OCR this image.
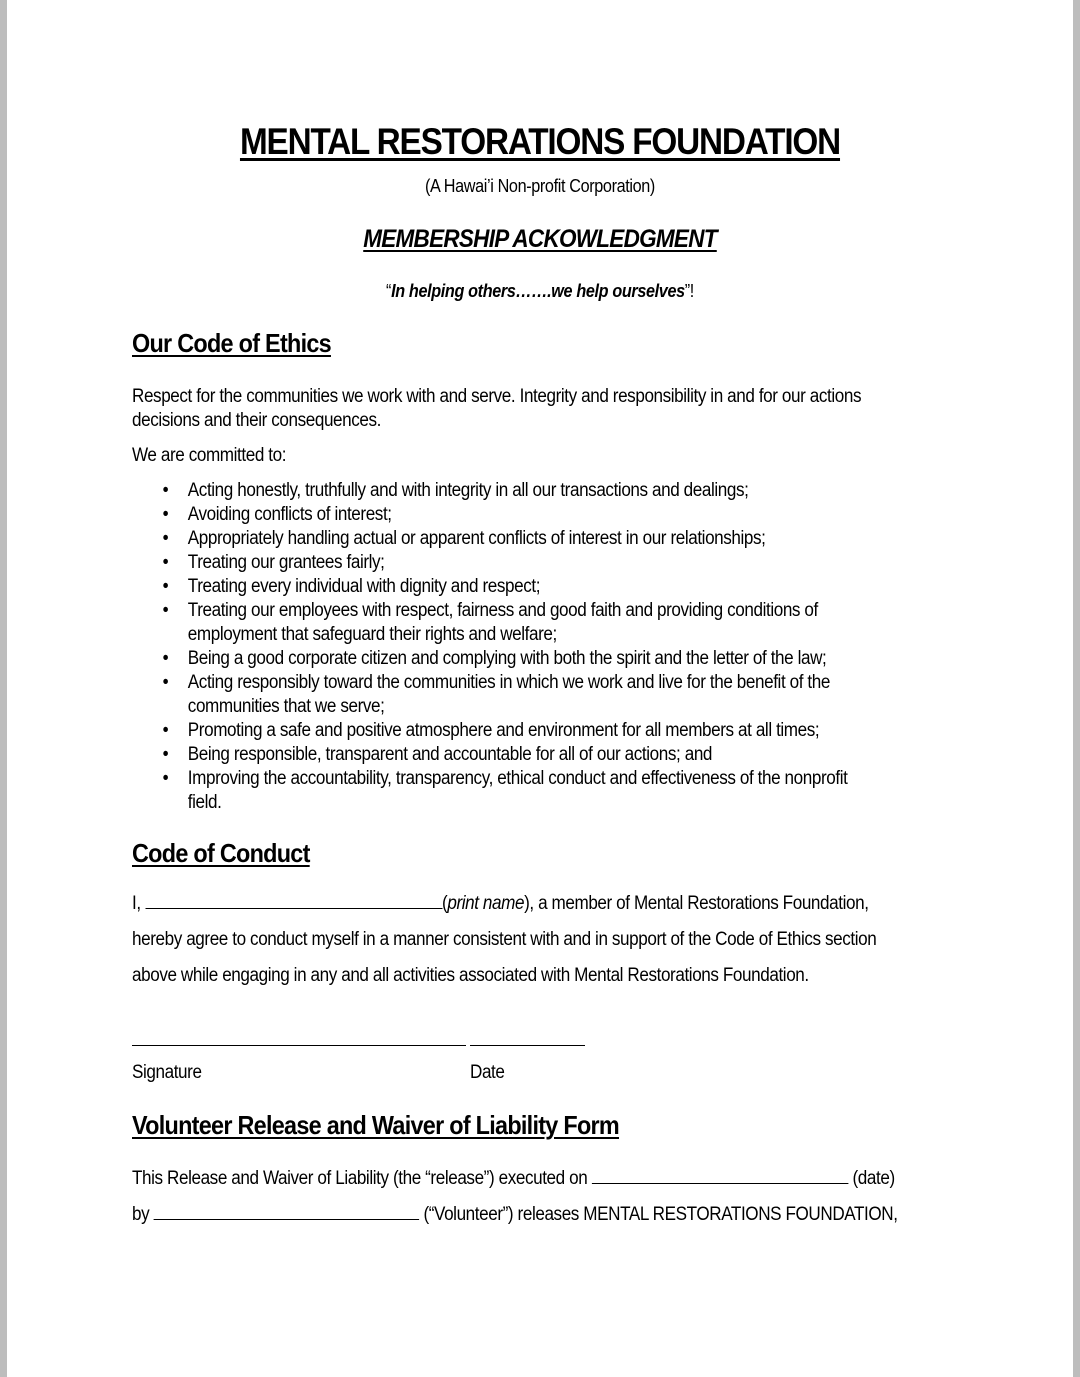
MENTAL RESTORATIONS FOUNDATION
(A Hawai’i Non-profit Corporation)
MEMBERSHIP ACKOWLEDGMENT
“In helping others…….we help ourselves”!
Our Code of Ethics
Respect for the communities we work with and serve. Integrity and responsibility in and for our actions
decisions and their consequences.
We are committed to:
•	Acting honestly, truthfully and with integrity in all our transactions and dealings;
•	Avoiding conflicts of interest;
•	Appropriately handling actual or apparent conflicts of interest in our relationships;
•	Treating our grantees fairly;
•	Treating every individual with dignity and respect;
•	Treating our employees with respect, fairness and good faith and providing conditions of
employment that safeguard their rights and welfare;
•	Being a good corporate citizen and complying with both the spirit and the letter of the law;
•	Acting responsibly toward the communities in which we work and live for the benefit of the
communities that we serve;
•	Promoting a safe and positive atmosphere and environment for all members at all times;
•	Being responsible, transparent and accountable for all of our actions; and
•	Improving the accountability, transparency, ethical conduct and effectiveness of the nonprofit
field.
Code of Conduct
I,	(print name), a member of Mental Restorations Foundation,
hereby agree to conduct myself in a manner consistent with and in support of the Code of Ethics section
above while engaging in any and all activities associated with Mental Restorations Foundation.
Signature	Date
Volunteer Release and Waiver of Liability Form
This Release and Waiver of Liability (the “release”) executed on	(date)
by	(“Volunteer”) releases MENTAL RESTORATIONS FOUNDATION,
